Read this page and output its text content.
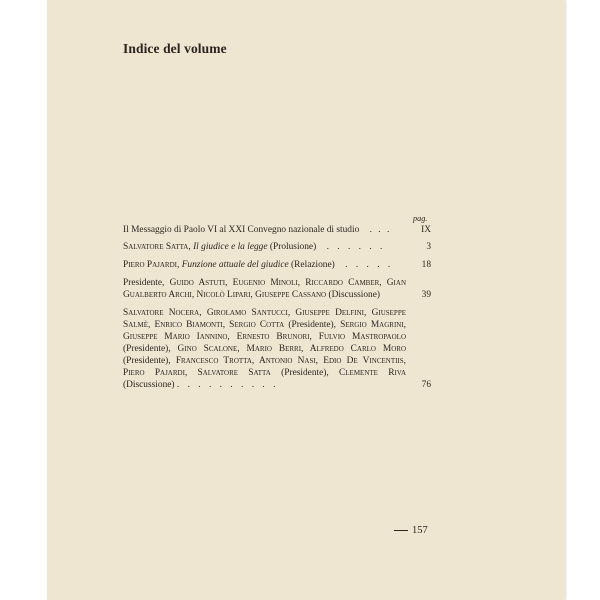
Indice del volume
pag.
Il Messaggio di Paolo VI al XXI Convegno nazionale di studio . . .	IX
Salvatore Satta, Il giudice e la legge (Prolusione) . . . . . .	3
Piero Pajardi, Funzione attuale del giudice (Relazione) . . . . .	18
Presidente, Guido Astuti, Eugenio Minoli, Riccardo Camber, Gian Gualberto Archi, Nicolò Lipari, Giuseppe Cassano (Discussione)	39
Salvatore Nocera, Girolamo Santucci, Giuseppe Delfini, Giuseppe Salmè, Enrico Biamonti, Sergio Cotta (Presidente), Sergio Magrini, Giuseppe Mario Iannino, Ernesto Brunori, Fulvio Mastropaolo (Presidente), Gino Scalone, Mario Berri, Alfredo Carlo Moro (Presidente), Francesco Trotta, Antonio Nasi, Edio De Vincentiis, Piero Pajardi, Salvatore Satta (Presidente), Clemente Riva (Discussione) . . . . . . . . . .	76
157
